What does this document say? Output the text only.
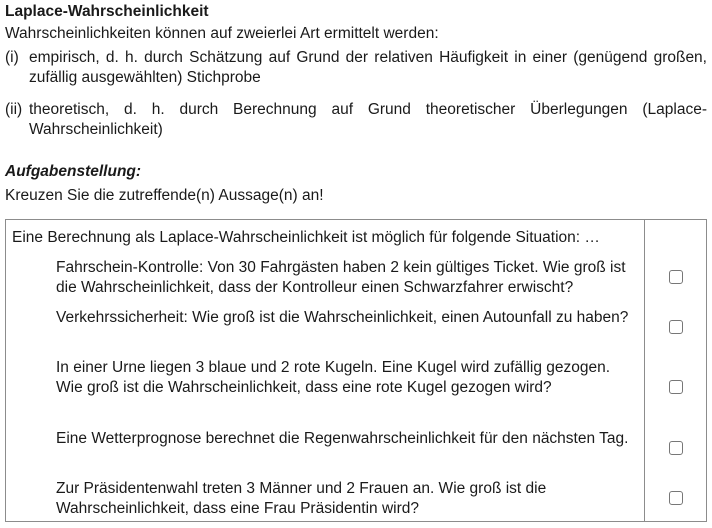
Laplace-Wahrscheinlichkeit
Wahrscheinlichkeiten können auf zweierlei Art ermittelt werden:
(i) empirisch, d. h. durch Schätzung auf Grund der relativen Häufigkeit in einer (genügend großen, zufällig ausgewählten) Stichprobe
(ii) theoretisch, d. h. durch Berechnung auf Grund theoretischer Überlegungen (Laplace-Wahrscheinlichkeit)
Aufgabenstellung:
Kreuzen Sie die zutreffende(n) Aussage(n) an!
Eine Berechnung als Laplace-Wahrscheinlichkeit ist möglich für folgende Situation: …
Fahrschein-Kontrolle: Von 30 Fahrgästen haben 2 kein gültiges Ticket. Wie groß ist die Wahrscheinlichkeit, dass der Kontrolleur einen Schwarzfahrer erwischt?
Verkehrssicherheit: Wie groß ist die Wahrscheinlichkeit, einen Autounfall zu haben?
In einer Urne liegen 3 blaue und 2 rote Kugeln. Eine Kugel wird zufällig gezogen. Wie groß ist die Wahrscheinlichkeit, dass eine rote Kugel gezogen wird?
Eine Wetterprognose berechnet die Regenwahrscheinlichkeit für den nächsten Tag.
Zur Präsidentenwahl treten 3 Männer und 2 Frauen an. Wie groß ist die Wahrscheinlichkeit, dass eine Frau Präsidentin wird?
